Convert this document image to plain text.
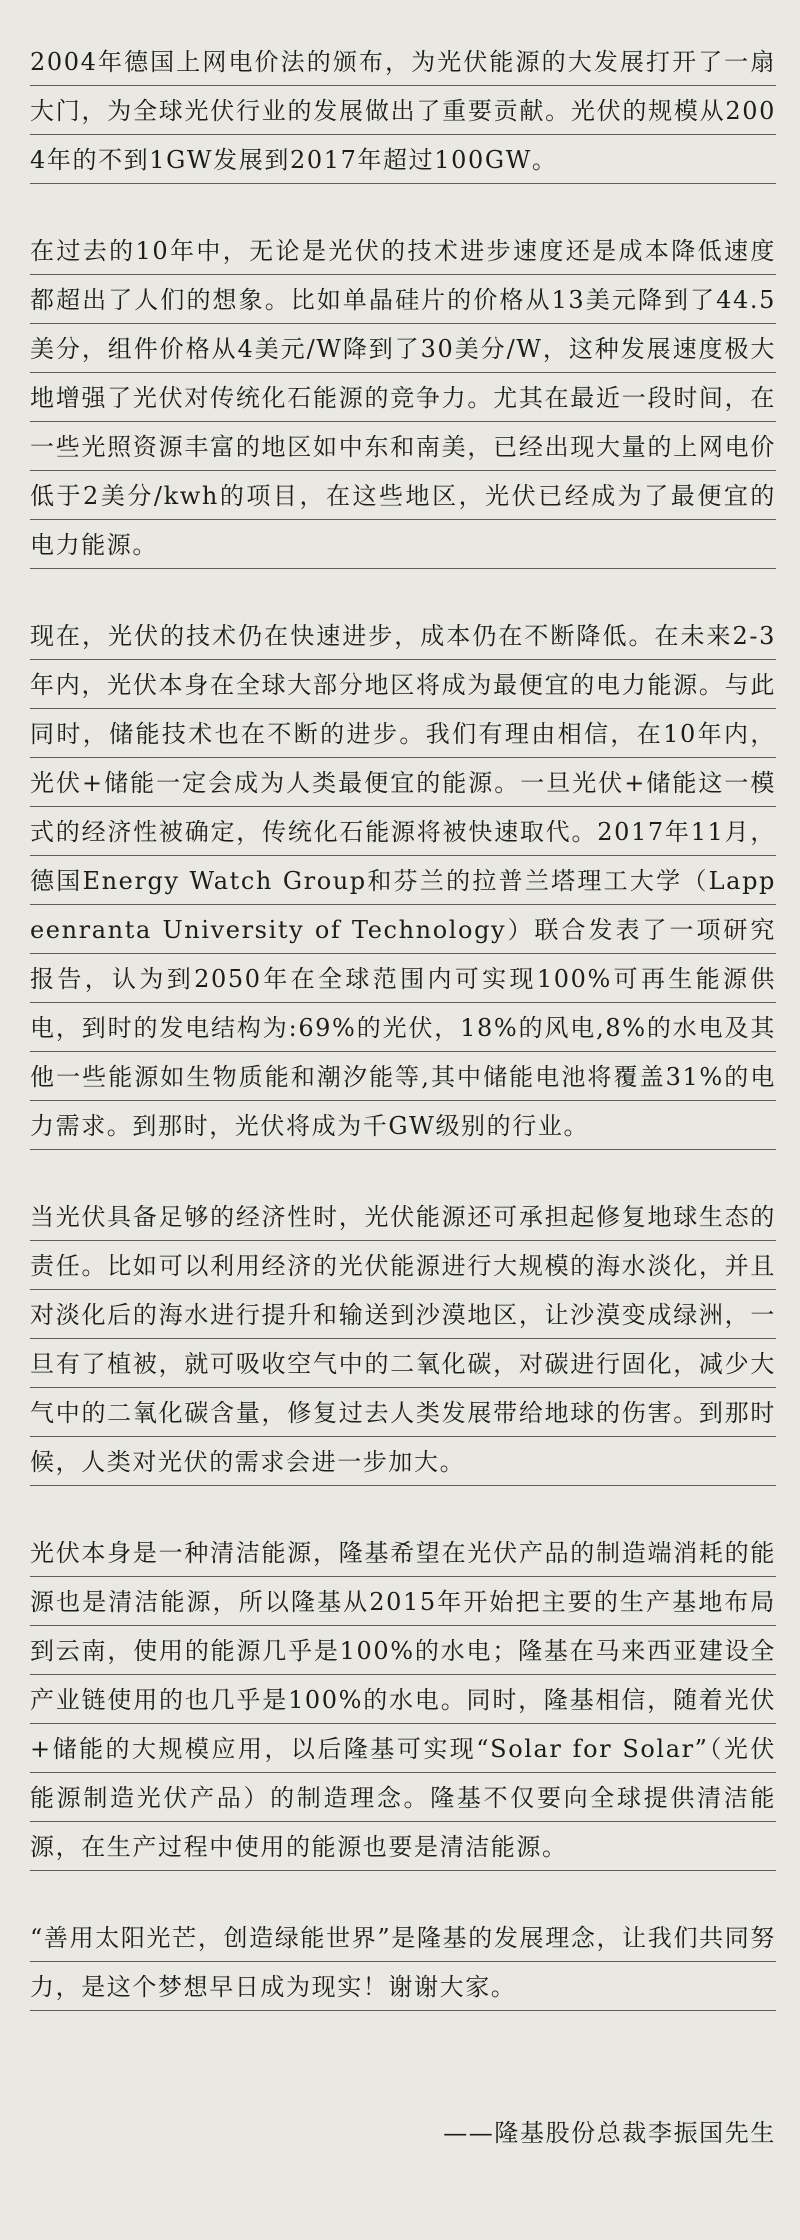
2004年德国上网电价法的颁布，为光伏能源的大发展打开了一扇大门，为全球光伏行业的发展做出了重要贡献。光伏的规模从2004年的不到1GW发展到2017年超过100GW。

在过去的10年中，无论是光伏的技术进步速度还是成本降低速度都超出了人们的想象。比如单晶硅片的价格从13美元降到了44.5美分，组件价格从4美元/W降到了30美分/W，这种发展速度极大地增强了光伏对传统化石能源的竞争力。尤其在最近一段时间，在一些光照资源丰富的地区如中东和南美，已经出现大量的上网电价低于2美分/kwh的项目，在这些地区，光伏已经成为了最便宜的电力能源。

现在，光伏的技术仍在快速进步，成本仍在不断降低。在未来2-3年内，光伏本身在全球大部分地区将成为最便宜的电力能源。与此同时，储能技术也在不断的进步。我们有理由相信，在10年内，光伏+储能一定会成为人类最便宜的能源。一旦光伏+储能这一模式的经济性被确定，传统化石能源将被快速取代。2017年11月，德国Energy Watch Group和芬兰的拉普兰塔理工大学（Lappeenranta University of Technology）联合发表了一项研究报告，认为到2050年在全球范围内可实现100%可再生能源供电，到时的发电结构为:69%的光伏，18%的风电,8%的水电及其他一些能源如生物质能和潮汐能等,其中储能电池将覆盖31%的电力需求。到那时，光伏将成为千GW级别的行业。

当光伏具备足够的经济性时，光伏能源还可承担起修复地球生态的责任。比如可以利用经济的光伏能源进行大规模的海水淡化，并且对淡化后的海水进行提升和输送到沙漠地区，让沙漠变成绿洲，一旦有了植被，就可吸收空气中的二氧化碳，对碳进行固化，减少大气中的二氧化碳含量，修复过去人类发展带给地球的伤害。到那时候，人类对光伏的需求会进一步加大。

光伏本身是一种清洁能源，隆基希望在光伏产品的制造端消耗的能源也是清洁能源，所以隆基从2015年开始把主要的生产基地布局到云南，使用的能源几乎是100%的水电；隆基在马来西亚建设全产业链使用的也几乎是100%的水电。同时，隆基相信，随着光伏+储能的大规模应用，以后隆基可实现“Solar for Solar”（光伏能源制造光伏产品）的制造理念。隆基不仅要向全球提供清洁能源，在生产过程中使用的能源也要是清洁能源。

“善用太阳光芒，创造绿能世界”是隆基的发展理念，让我们共同努力，是这个梦想早日成为现实！谢谢大家。

——隆基股份总裁李振国先生
